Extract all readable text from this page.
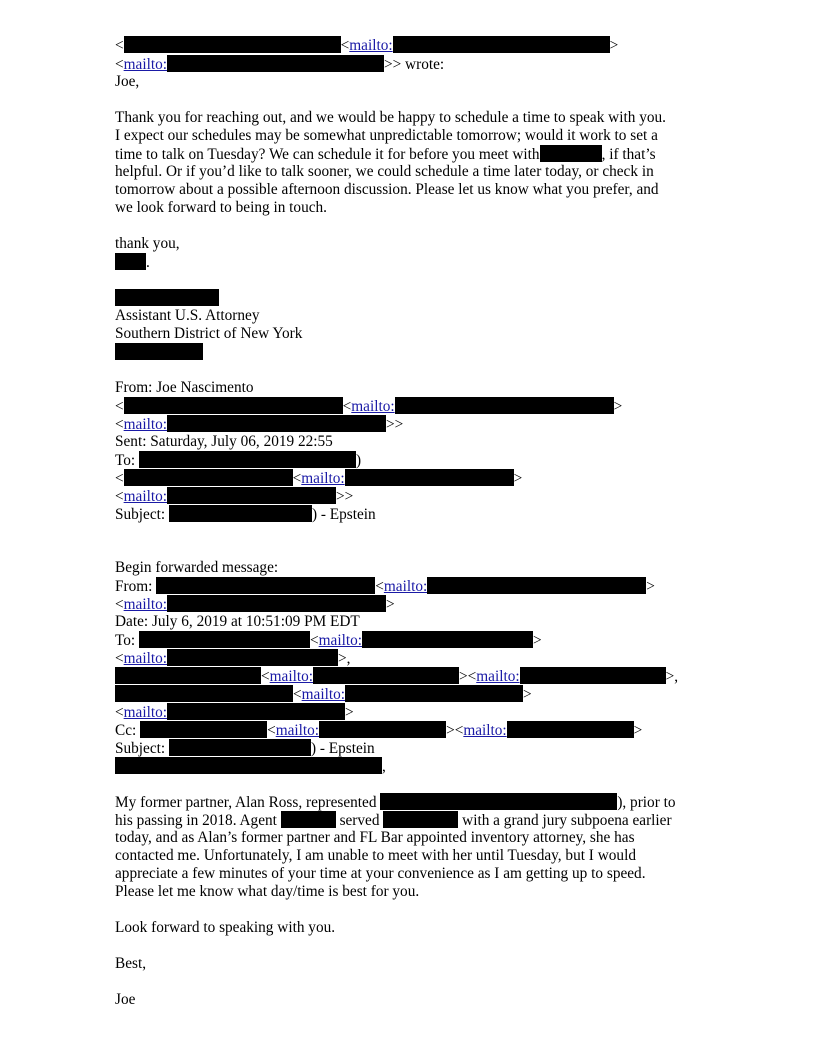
<	<mailto:	>
<mailto:	>> wrote:
Joe,
Thank you for reaching out, and we would be happy to schedule a time to speak with you.
I expect our schedules may be somewhat unpredictable tomorrow; would it work to set a
time to talk on Tuesday? We can schedule it for before you meet with	, if that’s
helpful. Or if you’d like to talk sooner, we could schedule a time later today, or check in
tomorrow about a possible afternoon discussion. Please let us know what you prefer, and
we look forward to being in touch.
thank you,
.
Assistant U.S. Attorney
Southern District of New York
From: Joe Nascimento
<	<mailto:	>
<mailto:	>>
Sent: Saturday, July 06, 2019 22:55
To:	)
<	<mailto:	>
<mailto:	>>
Subject:	) - Epstein
Begin forwarded message:
From:	<mailto:	>
<mailto:	>
Date: July 6, 2019 at 10:51:09 PM EDT
To:	<mailto:	>
<mailto:	>,
<mailto:	><mailto:	>,
<mailto:	>
<mailto:	>
Cc:	<mailto:	><mailto:	>
Subject:	) - Epstein
,
My former partner, Alan Ross, represented	), prior to
his passing in 2018. Agent	served	with a grand jury subpoena earlier
today, and as Alan’s former partner and FL Bar appointed inventory attorney, she has
contacted me. Unfortunately, I am unable to meet with her until Tuesday, but I would
appreciate a few minutes of your time at your convenience as I am getting up to speed.
Please let me know what day/time is best for you.
Look forward to speaking with you.
Best,
Joe
